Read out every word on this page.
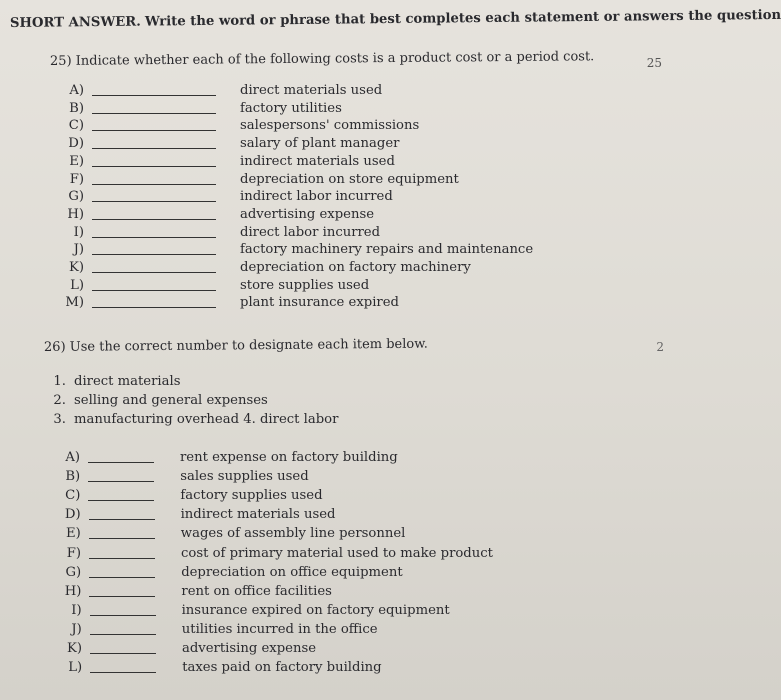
SHORT ANSWER. Write the word or phrase that best completes each statement or answers the question
25) Indicate whether each of the following costs is a product cost or a period cost.	25
A)	direct materials used
B)	factory utilities
C)	salespersons' commissions
D)	salary of plant manager
E)	indirect materials used
F)	depreciation on store equipment
G)	indirect labor incurred
H)	advertising expense
I)	direct labor incurred
J)	factory machinery repairs and maintenance
K)	depreciation on factory machinery
L)	store supplies used
M)	plant insurance expired
26) Use the correct number to designate each item below.	2
1. direct materials
2. selling and general expenses
3. manufacturing overhead 4. direct labor
A)	rent expense on factory building
B)	sales supplies used
C)	factory supplies used
D)	indirect materials used
E)	wages of assembly line personnel
F)	cost of primary material used to make product
G)	depreciation on office equipment
H)	rent on office facilities
I)	insurance expired on factory equipment
J)	utilities incurred in the office
K)	advertising expense
L)	taxes paid on factory building
